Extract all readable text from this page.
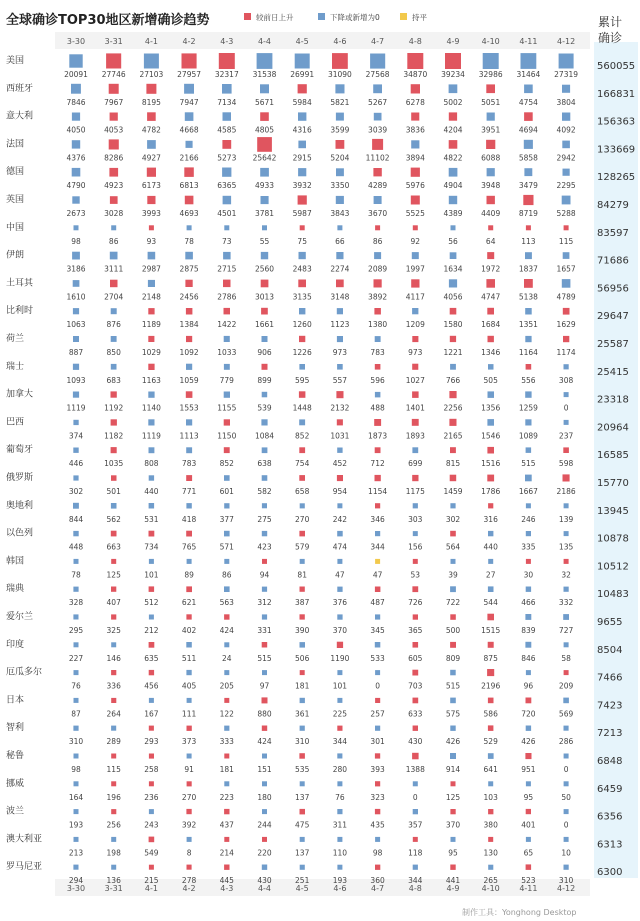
全球确诊TOP30地区新增确诊趋势	较前日上升	下降或新增为0	持平	累计
确诊
3-30 3-31	4-1	4-2	4-3	4-4	4-5	4-6	4-7	4-8	4-9	4-10 4-11 4-12
3-30 3-31	4-1	4-2	4-3	4-4	4-5	4-6	4-7	4-8	4-9	4-10 4-11 4-12
美国
20091 27746 27103 27957 32317 31538 26991 31090 27568 34870 39234 32986 31464 27319
560055
西班牙
7846 7967 8195 7947 7134 5671 5984 5821 5267 6278 5002 5051 4754 3804
166831
意大利
4050 4053 4782 4668 4585 4805 4316 3599 3039 3836 4204 3951 4694 4092
156363
法国
4376 8286 4927 2166 5273 25642 2915 5204 11102 3894 4822 6088 5858 2942
133669
德国
4790 4923 6173 6813 6365 4933 3932 3350 4289 5976 4904 3948 3479 2295
128265
英国
2673 3028 3993 4693 4501 3781 5987 3843 3670 5525 4389 4409 8719 5288
84279
中国
98	86	93	78	73	55	75	66	86	92	56	64	113	115
83597
伊朗
3186 3111 2987 2875 2715 2560 2483 2274 2089 1997 1634 1972 1837 1657
71686
土耳其
1610 2704 2148 2456 2786 3013 3135 3148 3892 4117 4056 4747 5138 4789
56956
比利时
1063	876	1189 1384 1422 1661 1260 1123 1380 1209 1580 1684 1351 1629
29647
荷兰
887	850	1029 1092 1033	906	1226	973	783	973	1221 1346 1164 1174
25587
瑞士
1093	683	1163 1059	779	899	595	557	596	1027	766	505	556	308
25415
加拿大
1119 1192 1140 1553 1155	539	1448 2132	488	1401 2256 1356 1259	0
23318
巴西
374	1182 1119 1113 1150 1084	852	1031 1873 1893 2165 1546 1089	237
20964
葡萄牙
446	1035	808	783	852	638	754	452	712	699	815	1516	515	598
16585
俄罗斯
302	501	440	771	601	582	658	954	1154 1175 1459 1786 1667 2186
15770
奥地利
844	562	531	418	377	275	270	242	346	303	302	316	246	139
13945
以色列
448	663	734	765	571	423	579	474	344	156	564	440	335	135
10878
韩国
78	125	101	89	86	94	81	47	47	53	39	27	30	32
10512
瑞典
328	407	512	621	563	312	387	376	487	726	722	544	466	332
10483
爱尔兰
295	325	212	402	424	331	390	370	345	365	500	1515	839	727
9655
印度
227	146	635	511	24	515	506	1190	533	605	809	875	846	58
8504
厄瓜多尔
76	336	456	405	205	97	181	101	0	703	515	2196	96	209
7466
日本
87	264	167	111	122	880	361	225	257	633	575	586	720	569
7423
智利
310	289	293	373	333	424	310	344	301	430	426	529	426	286
7213
秘鲁
98	115	258	91	181	151	535	280	393	1388	914	641	951	0
6848
挪威
164	196	236	270	223	180	137	76	323	0	125	103	95	50
6459
波兰
193	256	243	392	437	244	475	311	435	357	370	380	401	0
6356
澳大利亚
213	198	549	8	214	220	137	110	98	118	95	130	65	10
6313
罗马尼亚
294	136	215	278	445	430	251	193	360	344	441	265	523	310
6300
制作工具：Yonghong Desktop
